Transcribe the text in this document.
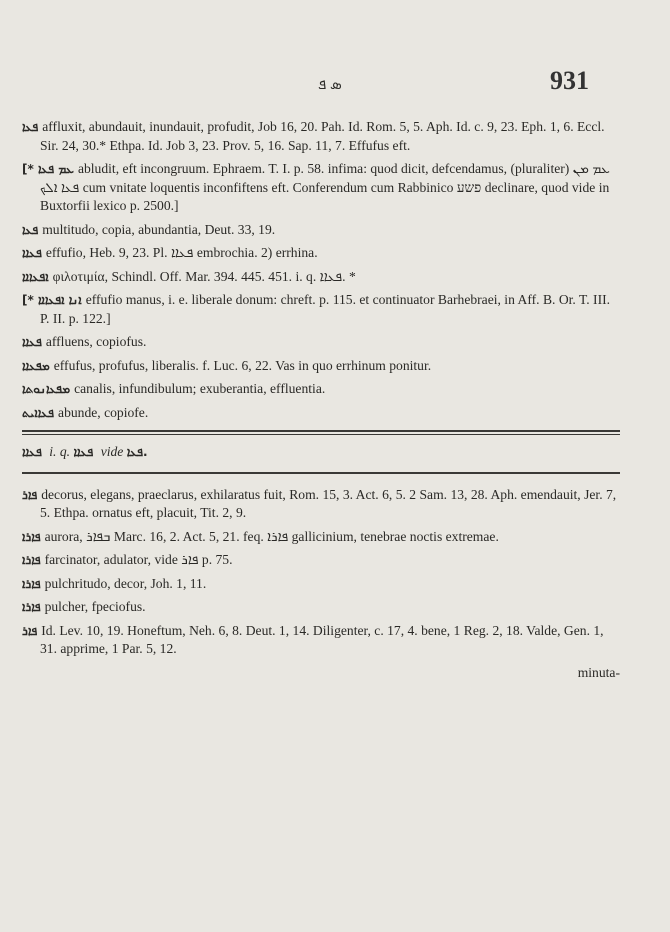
ܣ ܦ	931

ܦܥܐ affluxit, abundauit, inundauit, profudit, Job 16, 20. Pah. Id. Rom. 5, 5. Aph. Id. c. 9, 23. Eph. 1, 6. Eccl. Sir. 24, 30.* Ethpa. Id. Job 3, 23. Prov. 5, 16. Sap. 11, 7. Effufus eft.

[* ܥܡ ܦܥܐ abludit, eft incongruum. Ephraem. T. I. p. 58. infima: quod dicit, defcendamus, (pluraliter) ܥܡ ܡܢ ܦܥܐ ܐܠܟ cum vnitate loquentis inconfiftens eft. Conferendum cum Rabbinico פשע declinare, quod vide in Buxtorfii lexico p. 2500.]

ܦܥܐ multitudo, copia, abundantia, Deut. 33, 19.

ܦܥܐܐ effufio, Heb. 9, 23. Pl. ܦܥܐܐ embrochia. 2) errhina.

ܐܦܥܐܐܐ φιλοτιμία, Schindl. Off. Mar. 394. 445. 451. i. q. ܦܥܐܐ. *

[* ܐܢܐ ܐܦܥܐܐܐ effufio manus, i. e. liberale donum: chreft. p. 115. et continuator Barhebraei, in Aff. B. Or. T. III. P. II. p. 122.]

ܦܥܐܐ affluens, copiofus.

ܡܦܥܐܐ effufus, profufus, liberalis. f. Luc. 6, 22. Vas in quo errhinum ponitur.

ܡܦܥܐܢܘܬܐ canalis, infundibulum; exuberantia, effluentia.

ܦܥܐܐܝܬ abunde, copiofe.

ܦܥܐܐ i. q. ܦܥܐܐ vide ܦܥܐ.

ܦܐܪ decorus, elegans, praeclarus, exhilaratus fuit, Rom. 15, 3. Act. 6, 5. 2 Sam. 13, 28. Aph. emendauit, Jer. 7, 5. Ethpa. ornatus eft, placuit, Tit. 2, 9.

ܦܐܪܐ aurora, ܒܦܐܪ Marc. 16, 2. Act. 5, 21. feq. ܦܐܪܐ gallicinium, tenebrae noctis extremae.

ܦܐܪܐ farcinator, adulator, vide ܦܐܪ p. 75.

ܦܐܪܐ pulchritudo, decor, Joh. 1, 11.

ܦܐܪܐ pulcher, fpeciofus.

ܦܐܪ Id. Lev. 10, 19. Honeftum, Neh. 6, 8. Deut. 1, 14. Diligenter, c. 17, 4. bene, 1 Reg. 2, 18. Valde, Gen. 1, 31. apprime, 1 Par. 5, 12.

minuta-
